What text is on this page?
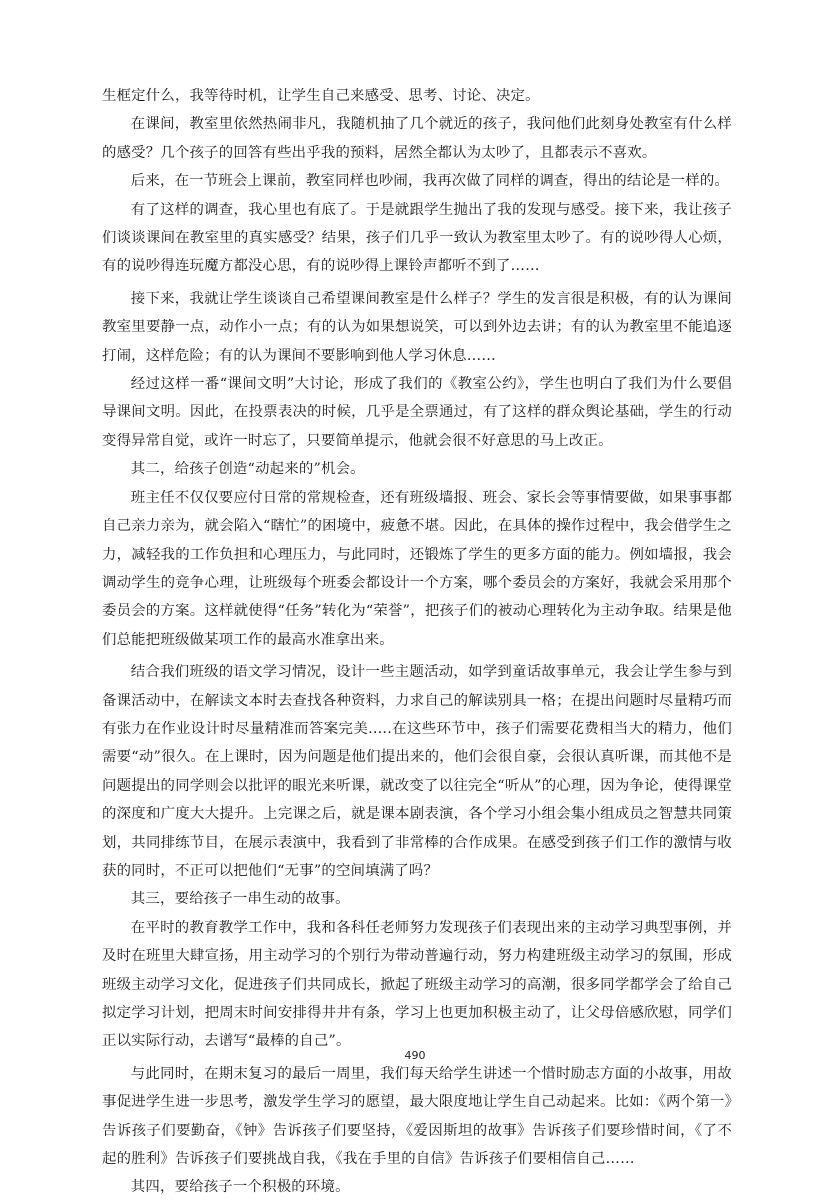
生框定什么，我等待时机，让学生自己来感受、思考、讨论、决定。

在课间，教室里依然热闹非凡，我随机抽了几个就近的孩子，我问他们此刻身处教室有什么样的感受？几个孩子的回答有些出乎我的预料，居然全都认为太吵了，且都表示不喜欢。

后来，在一节班会上课前，教室同样也吵闹，我再次做了同样的调查，得出的结论是一样的。

有了这样的调查，我心里也有底了。于是就跟学生抛出了我的发现与感受。接下来，我让孩子们谈谈课间在教室里的真实感受？结果，孩子们几乎一致认为教室里太吵了。有的说吵得人心烦，有的说吵得连玩魔方都没心思，有的说吵得上课铃声都听不到了……

接下来，我就让学生谈谈自己希望课间教室是什么样子？学生的发言很是积极，有的认为课间教室里要静一点，动作小一点；有的认为如果想说笑，可以到外边去讲；有的认为教室里不能追逐打闹，这样危险；有的认为课间不要影响到他人学习休息……

经过这样一番“课间文明”大讨论，形成了我们的《教室公约》，学生也明白了我们为什么要倡导课间文明。因此，在投票表决的时候，几乎是全票通过，有了这样的群众舆论基础，学生的行动变得异常自觉，或许一时忘了，只要简单提示，他就会很不好意思的马上改正。

其二，给孩子创造“动起来的”机会。

班主任不仅仅要应付日常的常规检查，还有班级墙报、班会、家长会等事情要做，如果事事都自己亲力亲为，就会陷入“瞎忙”的困境中，疲惫不堪。因此，在具体的操作过程中，我会借学生之力，减轻我的工作负担和心理压力，与此同时，还锻炼了学生的更多方面的能力。例如墙报，我会调动学生的竞争心理，让班级每个班委会都设计一个方案，哪个委员会的方案好，我就会采用那个委员会的方案。这样就使得“任务”转化为“荣誉”，把孩子们的被动心理转化为主动争取。结果是他们总能把班级做某项工作的最高水准拿出来。

结合我们班级的语文学习情况，设计一些主题活动，如学到童话故事单元，我会让学生参与到备课活动中，在解读文本时去查找各种资料，力求自己的解读别具一格；在提出问题时尽量精巧而有张力在作业设计时尽量精准而答案完美.....在这些环节中，孩子们需要花费相当大的精力，他们需要“动”很久。在上课时，因为问题是他们提出来的，他们会很自豪，会很认真听课，而其他不是问题提出的同学则会以批评的眼光来听课，就改变了以往完全“听从”的心理，因为争论，使得课堂的深度和广度大大提升。上完课之后，就是课本剧表演，各个学习小组会集小组成员之智慧共同策划，共同排练节目，在展示表演中，我看到了非常棒的合作成果。在感受到孩子们工作的激情与收获的同时，不正可以把他们“无事”的空间填满了吗？

其三，要给孩子一串生动的故事。

在平时的教育教学工作中，我和各科任老师努力发现孩子们表现出来的主动学习典型事例，并及时在班里大肆宣扬，用主动学习的个别行为带动普遍行动，努力构建班级主动学习的氛围，形成班级主动学习文化，促进孩子们共同成长，掀起了班级主动学习的高潮，很多同学都学会了给自己拟定学习计划，把周末时间安排得井井有条，学习上也更加积极主动了，让父母倍感欣慰，同学们正以实际行动，去谱写“最棒的自己”。

与此同时，在期末复习的最后一周里，我们每天给学生讲述一个惜时励志方面的小故事，用故事促进学生进一步思考，激发学生学习的愿望，最大限度地让学生自己动起来。比如：《两个第一》告诉孩子们要勤奋，《钟》告诉孩子们要坚持，《爱因斯坦的故事》告诉孩子们要珍惜时间，《了不起的胜利》告诉孩子们要挑战自我，《我在手里的自信》告诉孩子们要相信自己……

其四，要给孩子一个积极的环境。

490
